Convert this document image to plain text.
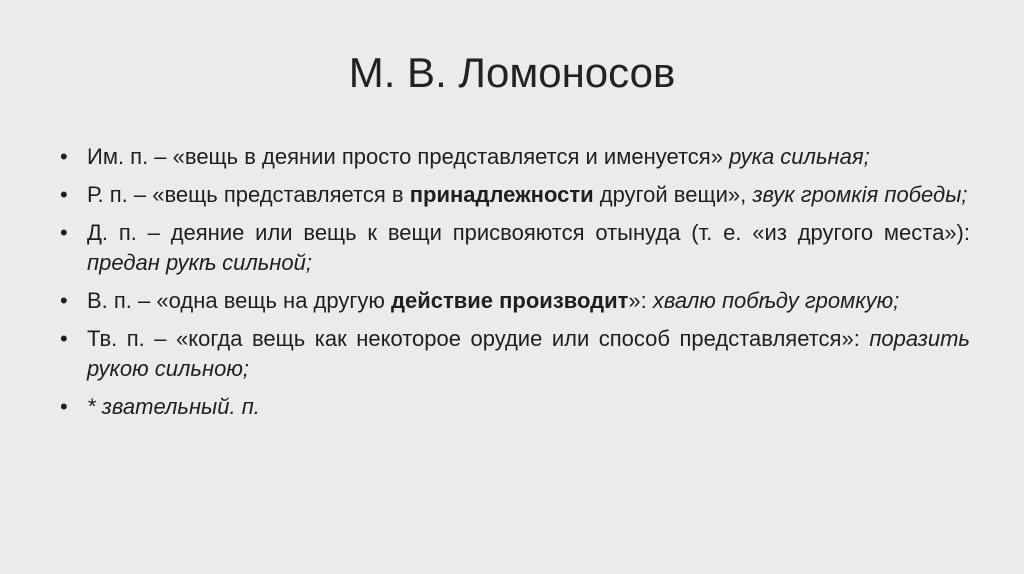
М. В. Ломоносов
• Им. п. – «вещь в деянии просто представляется и именуется» рука сильная;
• Р. п. – «вещь представляется в принадлежности другой вещи», звук громкiя победы;
• Д. п. – деяние или вещь к вещи присвояются отынуда (т. е. «из другого места»): предан рукѣ сильной;
• В. п. – «одна вещь на другую действие производит»: хвалю побѣду громкую;
• Тв. п. – «когда вещь как некоторое орудие или способ представляется»: поразить рукою сильною;
• * звательный. п.
